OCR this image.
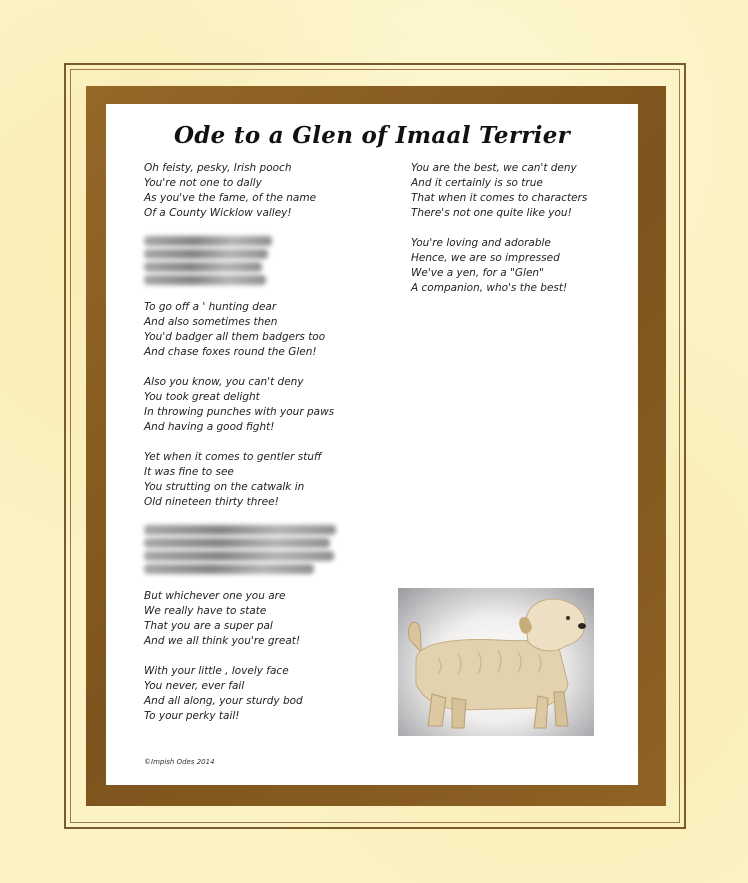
Ode to a Glen of Imaal Terrier
Oh feisty, pesky, Irish pooch
You're not one to dally
As you've the fame, of the name
Of a County Wicklow valley!
To go off a ' hunting dear
And also sometimes then
You'd badger all them badgers too
And chase foxes round the Glen!
Also you know, you can't deny
You took great delight
In throwing punches with your paws
And having a good fight!
Yet when it comes to gentler stuff
It was fine to see
You strutting on the catwalk in
Old nineteen thirty three!
But whichever one you are
We really have to state
That you are a super pal
And we all think you're great!
With your little , lovely face
You never, ever fail
And all along, your sturdy bod
To your perky tail!
You are the best, we can't deny
And it certainly is so true
That when it comes to characters
There's not one quite like you!
You're loving and adorable
Hence, we are so impressed
We've a yen, for a "Glen"
A companion, who's the best!
©Impish Odes 2014
